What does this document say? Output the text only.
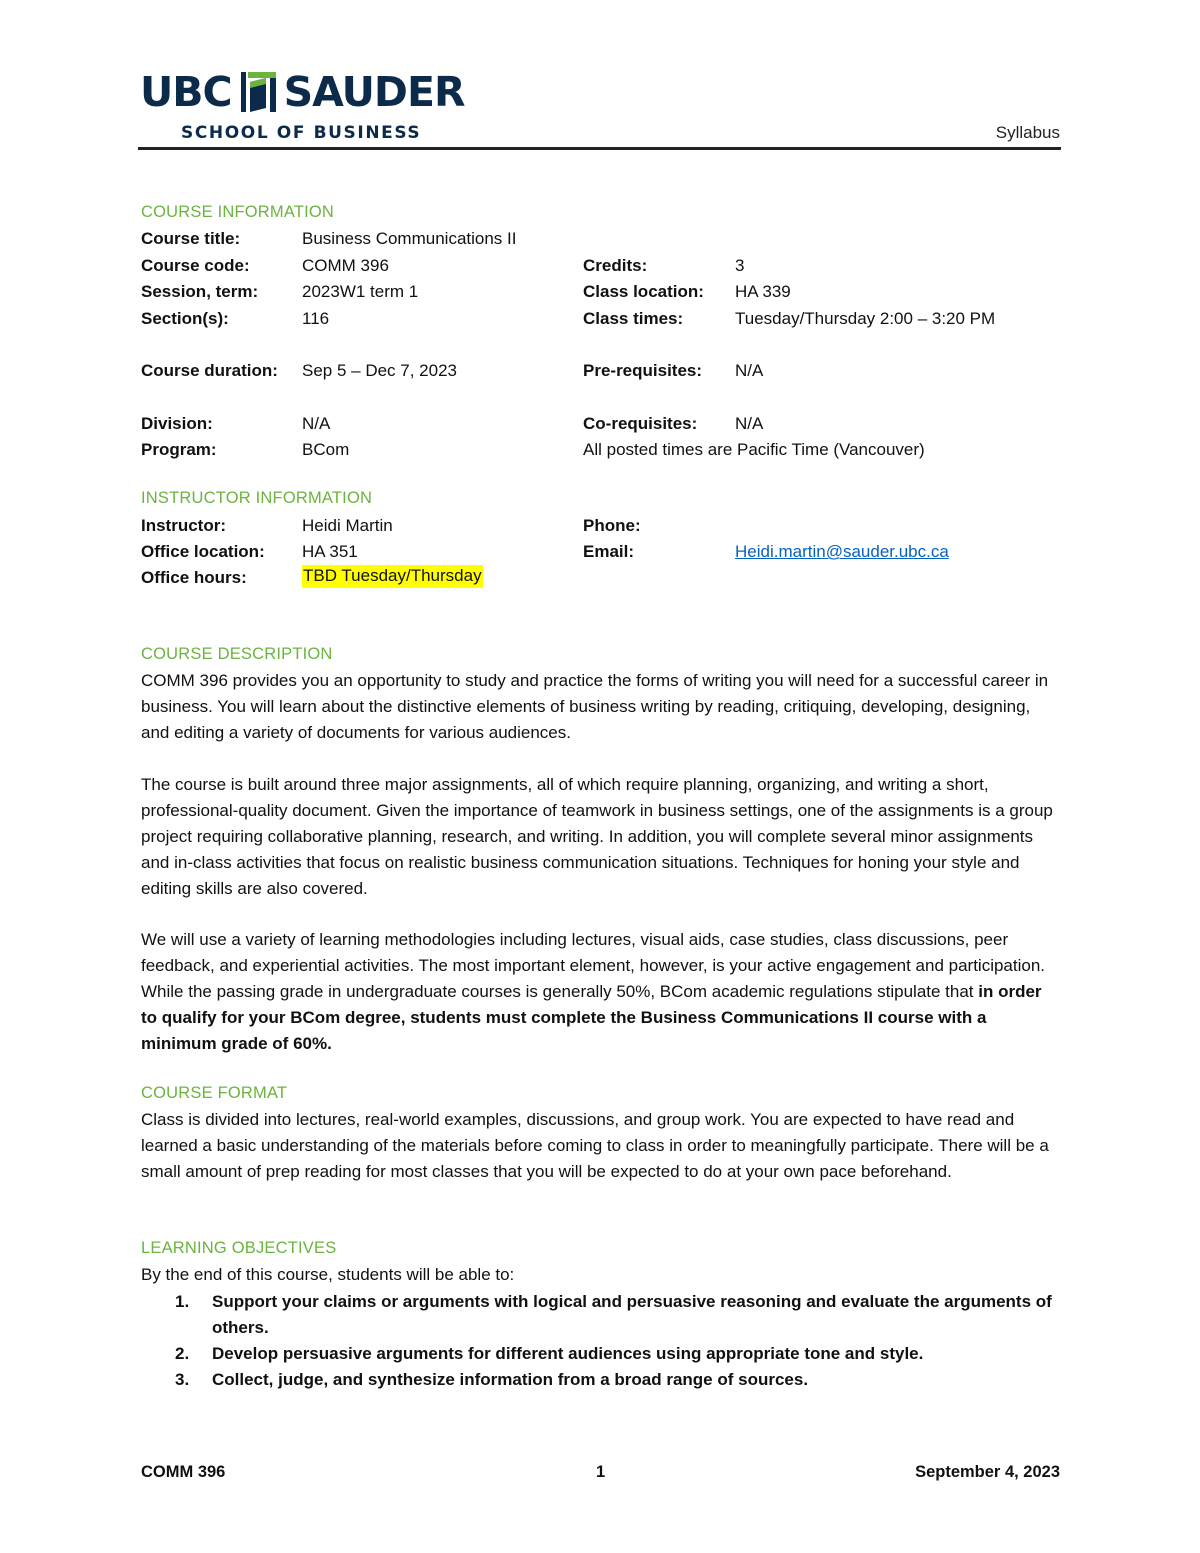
UBC SAUDER
SCHOOL OF BUSINESS	Syllabus
COURSE INFORMATION
Course title:	Business Communications II
Course code:	COMM 396	Credits:	3
Session, term:	2023W1 term 1	Class location: HA 339
Section(s):	116	Class times:	Tuesday/Thursday 2:00 – 3:20 PM
Course duration: Sep 5 – Dec 7, 2023	Pre-requisites: N/A
Division:	N/A	Co-requisites: N/A
Program:	BCom	All posted times are Pacific Time (Vancouver)
INSTRUCTOR INFORMATION
Instructor:	Heidi Martin	Phone:
Office location: HA 351	Email:	Heidi.martin@sauder.ubc.ca
Office hours:	TBD Tuesday/Thursday
COURSE DESCRIPTION
COMM 396 provides you an opportunity to study and practice the forms of writing you will need for a successful career in business. You will learn about the distinctive elements of business writing by reading, critiquing, developing, designing, and editing a variety of documents for various audiences.
The course is built around three major assignments, all of which require planning, organizing, and writing a short, professional-quality document. Given the importance of teamwork in business settings, one of the assignments is a group project requiring collaborative planning, research, and writing. In addition, you will complete several minor assignments and in-class activities that focus on realistic business communication situations. Techniques for honing your style and editing skills are also covered.
We will use a variety of learning methodologies including lectures, visual aids, case studies, class discussions, peer feedback, and experiential activities. The most important element, however, is your active engagement and participation. While the passing grade in undergraduate courses is generally 50%, BCom academic regulations stipulate that in order to qualify for your BCom degree, students must complete the Business Communications II course with a minimum grade of 60%.
COURSE FORMAT
Class is divided into lectures, real-world examples, discussions, and group work. You are expected to have read and learned a basic understanding of the materials before coming to class in order to meaningfully participate. There will be a small amount of prep reading for most classes that you will be expected to do at your own pace beforehand.
LEARNING OBJECTIVES
By the end of this course, students will be able to:
1. Support your claims or arguments with logical and persuasive reasoning and evaluate the arguments of others.
2. Develop persuasive arguments for different audiences using appropriate tone and style.
3. Collect, judge, and synthesize information from a broad range of sources.
COMM 396	1	September 4, 2023
